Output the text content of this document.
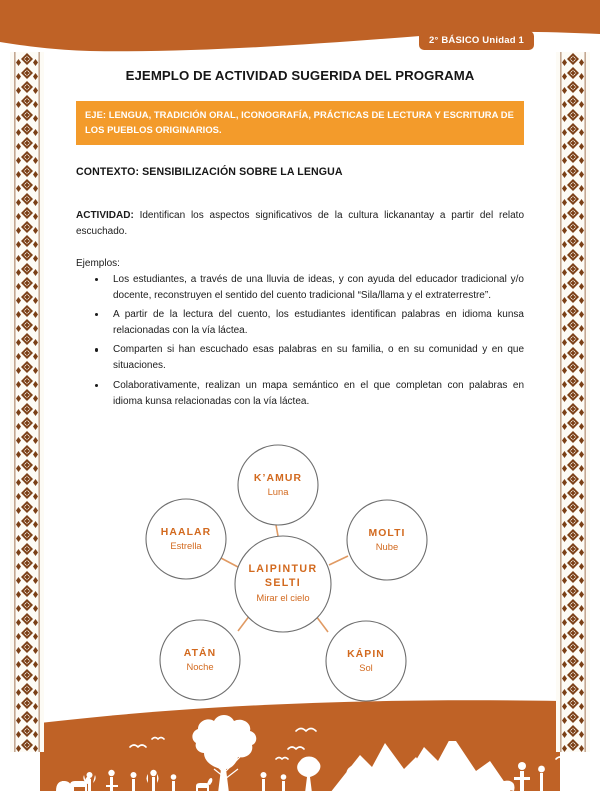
2° BÁSICO Unidad 1
EJEMPLO DE ACTIVIDAD SUGERIDA DEL PROGRAMA
EJE: LENGUA, TRADICIÓN ORAL, ICONOGRAFÍA, PRÁCTICAS DE LECTURA Y ESCRITURA DE LOS PUEBLOS ORIGINARIOS.
CONTEXTO: SENSIBILIZACIÓN SOBRE LA LENGUA
ACTIVIDAD: Identifican los aspectos significativos de la cultura lickanantay a partir del relato escuchado.
Ejemplos:
Los estudiantes, a través de una lluvia de ideas, y con ayuda del educador tradicional y/o docente, reconstruyen el sentido del cuento tradicional “Sila/llama y el extraterrestre”.
A partir de la lectura del cuento, los estudiantes identifican palabras en idioma kunsa relacionadas con la vía láctea.
Comparten si han escuchado esas palabras en su familia, o en su comunidad y en que situaciones.
Colaborativamente, realizan un mapa semántico en el que completan con palabras en idioma kunsa relacionadas con la vía láctea.
LAIPINTUR
SELTI
Mirar el cielo
K’AMUR
Luna
MOLTI
Nube
KÁPIN
Sol
ATÁN
Noche
HAALAR
Estrella
